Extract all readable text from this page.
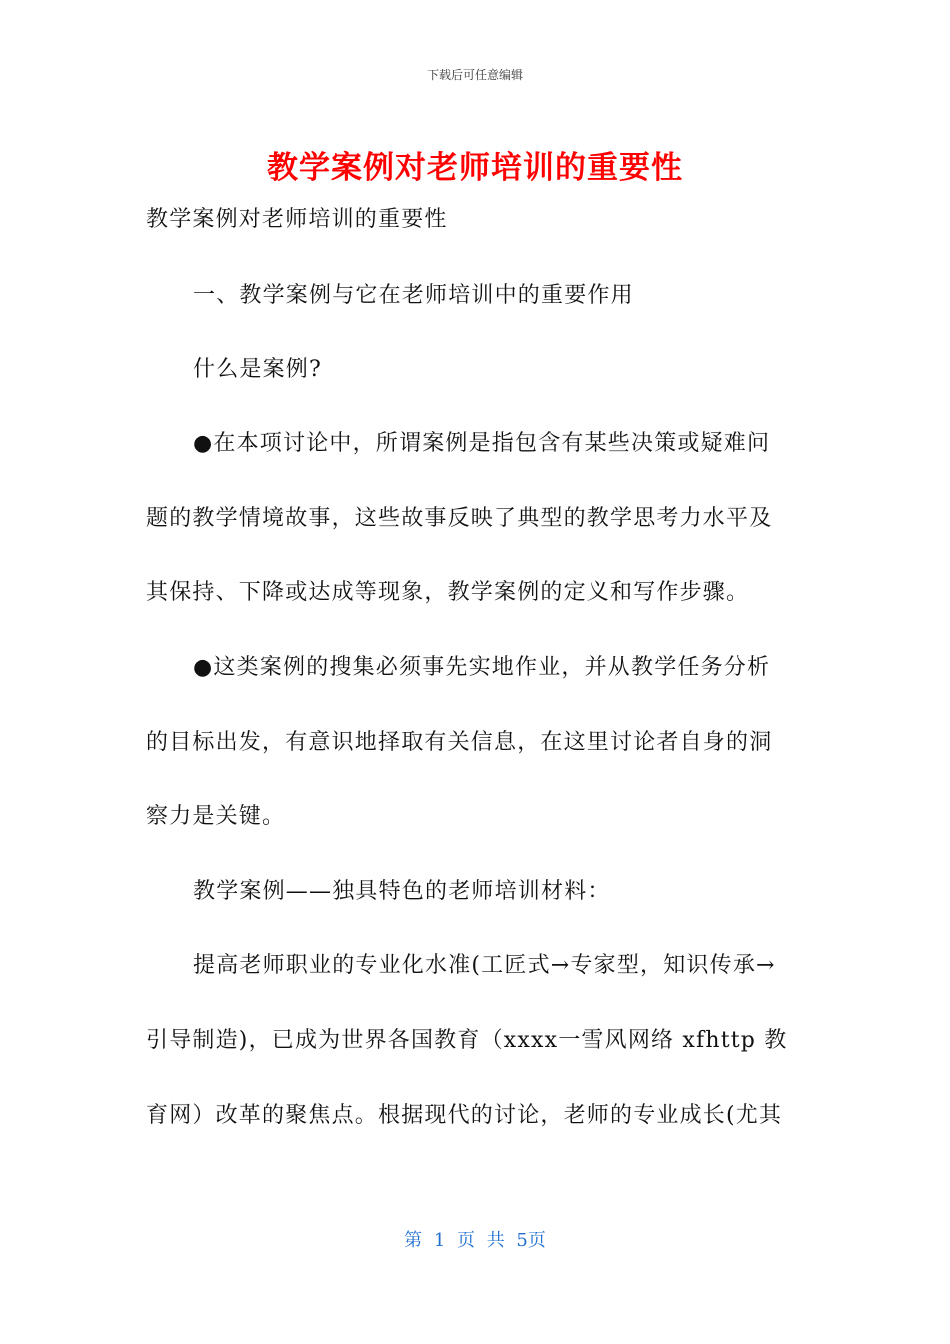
下载后可任意编辑
教学案例对老师培训的重要性
教学案例对老师培训的重要性
一、教学案例与它在老师培训中的重要作用
什么是案例?
●在本项讨论中，所谓案例是指包含有某些决策或疑难问
题的教学情境故事，这些故事反映了典型的教学思考力水平及
其保持、下降或达成等现象，教学案例的定义和写作步骤。
●这类案例的搜集必须事先实地作业，并从教学任务分析
的目标出发，有意识地择取有关信息，在这里讨论者自身的洞
察力是关键。
教学案例——独具特色的老师培训材料：
提高老师职业的专业化水准(工匠式→专家型，知识传承→
引导制造)，已成为世界各国教育（xxxx一雪风网络 xfhttp 教
育网）改革的聚焦点。根据现代的讨论，老师的专业成长(尤其
第 1 页 共 5页
